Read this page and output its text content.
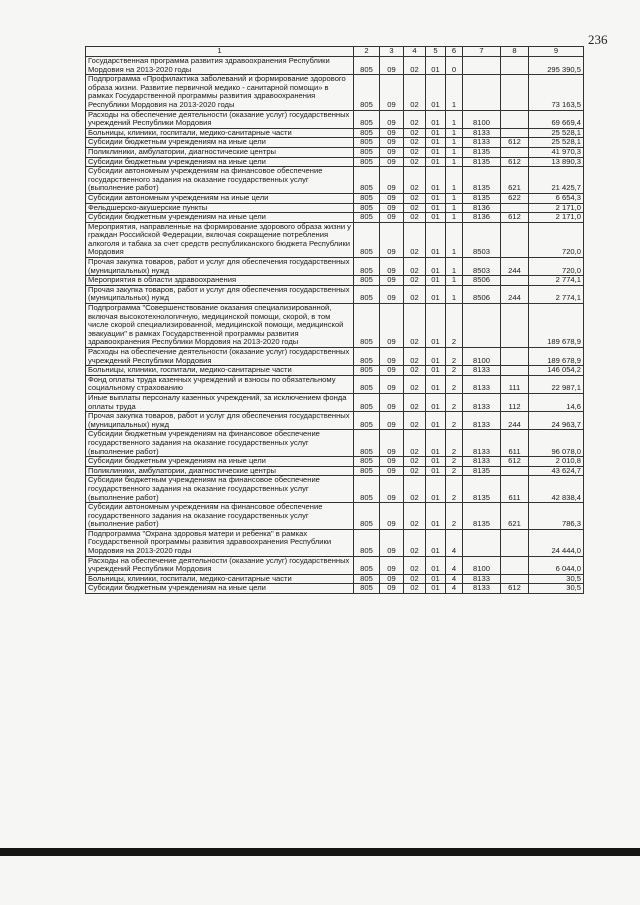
236
1	2	3	4	5	6	7	8	9
Государственная программа развития здравоохранения Республики Мордовия на 2013-2020 годы	805	09	02	01	0			295 390,5
Подпрограмма «Профилактика заболеваний и формирование здорового образа жизни. Развитие первичной медико - санитарной помощи» в рамках Государственной программы развития здравоохранения Республики Мордовия на 2013-2020 годы	805	09	02	01	1			73 163,5
Расходы на обеспечение деятельности (оказание услуг) государственных учреждений Республики Мордовия	805	09	02	01	1	8100		69 669,4
Больницы, клиники, госпитали, медико-санитарные части	805	09	02	01	1	8133		25 528,1
Субсидии бюджетным учреждениям на иные цели	805	09	02	01	1	8133	612	25 528,1
Поликлиники, амбулатории, диагностические центры	805	09	02	01	1	8135		41 970,3
Субсидии бюджетным учреждениям на иные цели	805	09	02	01	1	8135	612	13 890,3
Субсидии автономным учреждениям на финансовое обеспечение государственного задания на оказание государственных услуг (выполнение работ)	805	09	02	01	1	8135	621	21 425,7
Субсидии автономным учреждениям на иные цели	805	09	02	01	1	8135	622	6 654,3
Фельдшерско-акушерские пункты	805	09	02	01	1	8136		2 171,0
Субсидии бюджетным учреждениям на иные цели	805	09	02	01	1	8136	612	2 171,0
Мероприятия, направленные на формирование здорового образа жизни у граждан Российской Федерации, включая сокращение потребления алкоголя и табака за счет средств республиканского бюджета Республики Мордовия	805	09	02	01	1	8503		720,0
Прочая закупка товаров, работ и услуг для обеспечения государственных (муниципальных) нужд	805	09	02	01	1	8503	244	720,0
Мероприятия в области здравоохранения	805	09	02	01	1	8506		2 774,1
Прочая закупка товаров, работ и услуг для обеспечения государственных (муниципальных) нужд	805	09	02	01	1	8506	244	2 774,1
Подпрограмма "Совершенствование оказания специализированной, включая высокотехнологичную, медицинской помощи, скорой, в том числе скорой специализированной, медицинской помощи, медицинской эвакуации" в рамках Государственной программы развития здравоохранения Республики Мордовия на 2013-2020 годы	805	09	02	01	2			189 678,9
Расходы на обеспечение деятельности (оказание услуг) государственных учреждений Республики Мордовия	805	09	02	01	2	8100		189 678,9
Больницы, клиники, госпитали, медико-санитарные части	805	09	02	01	2	8133		146 054,2
Фонд оплаты труда казенных учреждений и взносы по обязательному социальному страхованию	805	09	02	01	2	8133	111	22 987,1
Иные выплаты персоналу казенных учреждений, за исключением фонда оплаты труда	805	09	02	01	2	8133	112	14,6
Прочая закупка товаров, работ и услуг для обеспечения государственных (муниципальных) нужд	805	09	02	01	2	8133	244	24 963,7
Субсидии бюджетным учреждениям на финансовое обеспечение государственного задания на оказание государственных услуг (выполнение работ)	805	09	02	01	2	8133	611	96 078,0
Субсидии бюджетным учреждениям на иные цели	805	09	02	01	2	8133	612	2 010,8
Поликлиники, амбулатории, диагностические центры	805	09	02	01	2	8135		43 624,7
Субсидии бюджетным учреждениям на финансовое обеспечение государственного задания на оказание государственных услуг (выполнение работ)	805	09	02	01	2	8135	611	42 838,4
Субсидии автономным учреждениям на финансовое обеспечение государственного задания на оказание государственных услуг (выполнение работ)	805	09	02	01	2	8135	621	786,3
Подпрограмма "Охрана здоровья матери и ребенка" в рамках Государственной программы развития здравоохранения Республики Мордовия на 2013-2020 годы	805	09	02	01	4			24 444,0
Расходы на обеспечение деятельности (оказание услуг) государственных учреждений Республики Мордовия	805	09	02	01	4	8100		6 044,0
Больницы, клиники, госпитали, медико-санитарные части	805	09	02	01	4	8133		30,5
Субсидии бюджетным учреждениям на иные цели	805	09	02	01	4	8133	612	30,5
